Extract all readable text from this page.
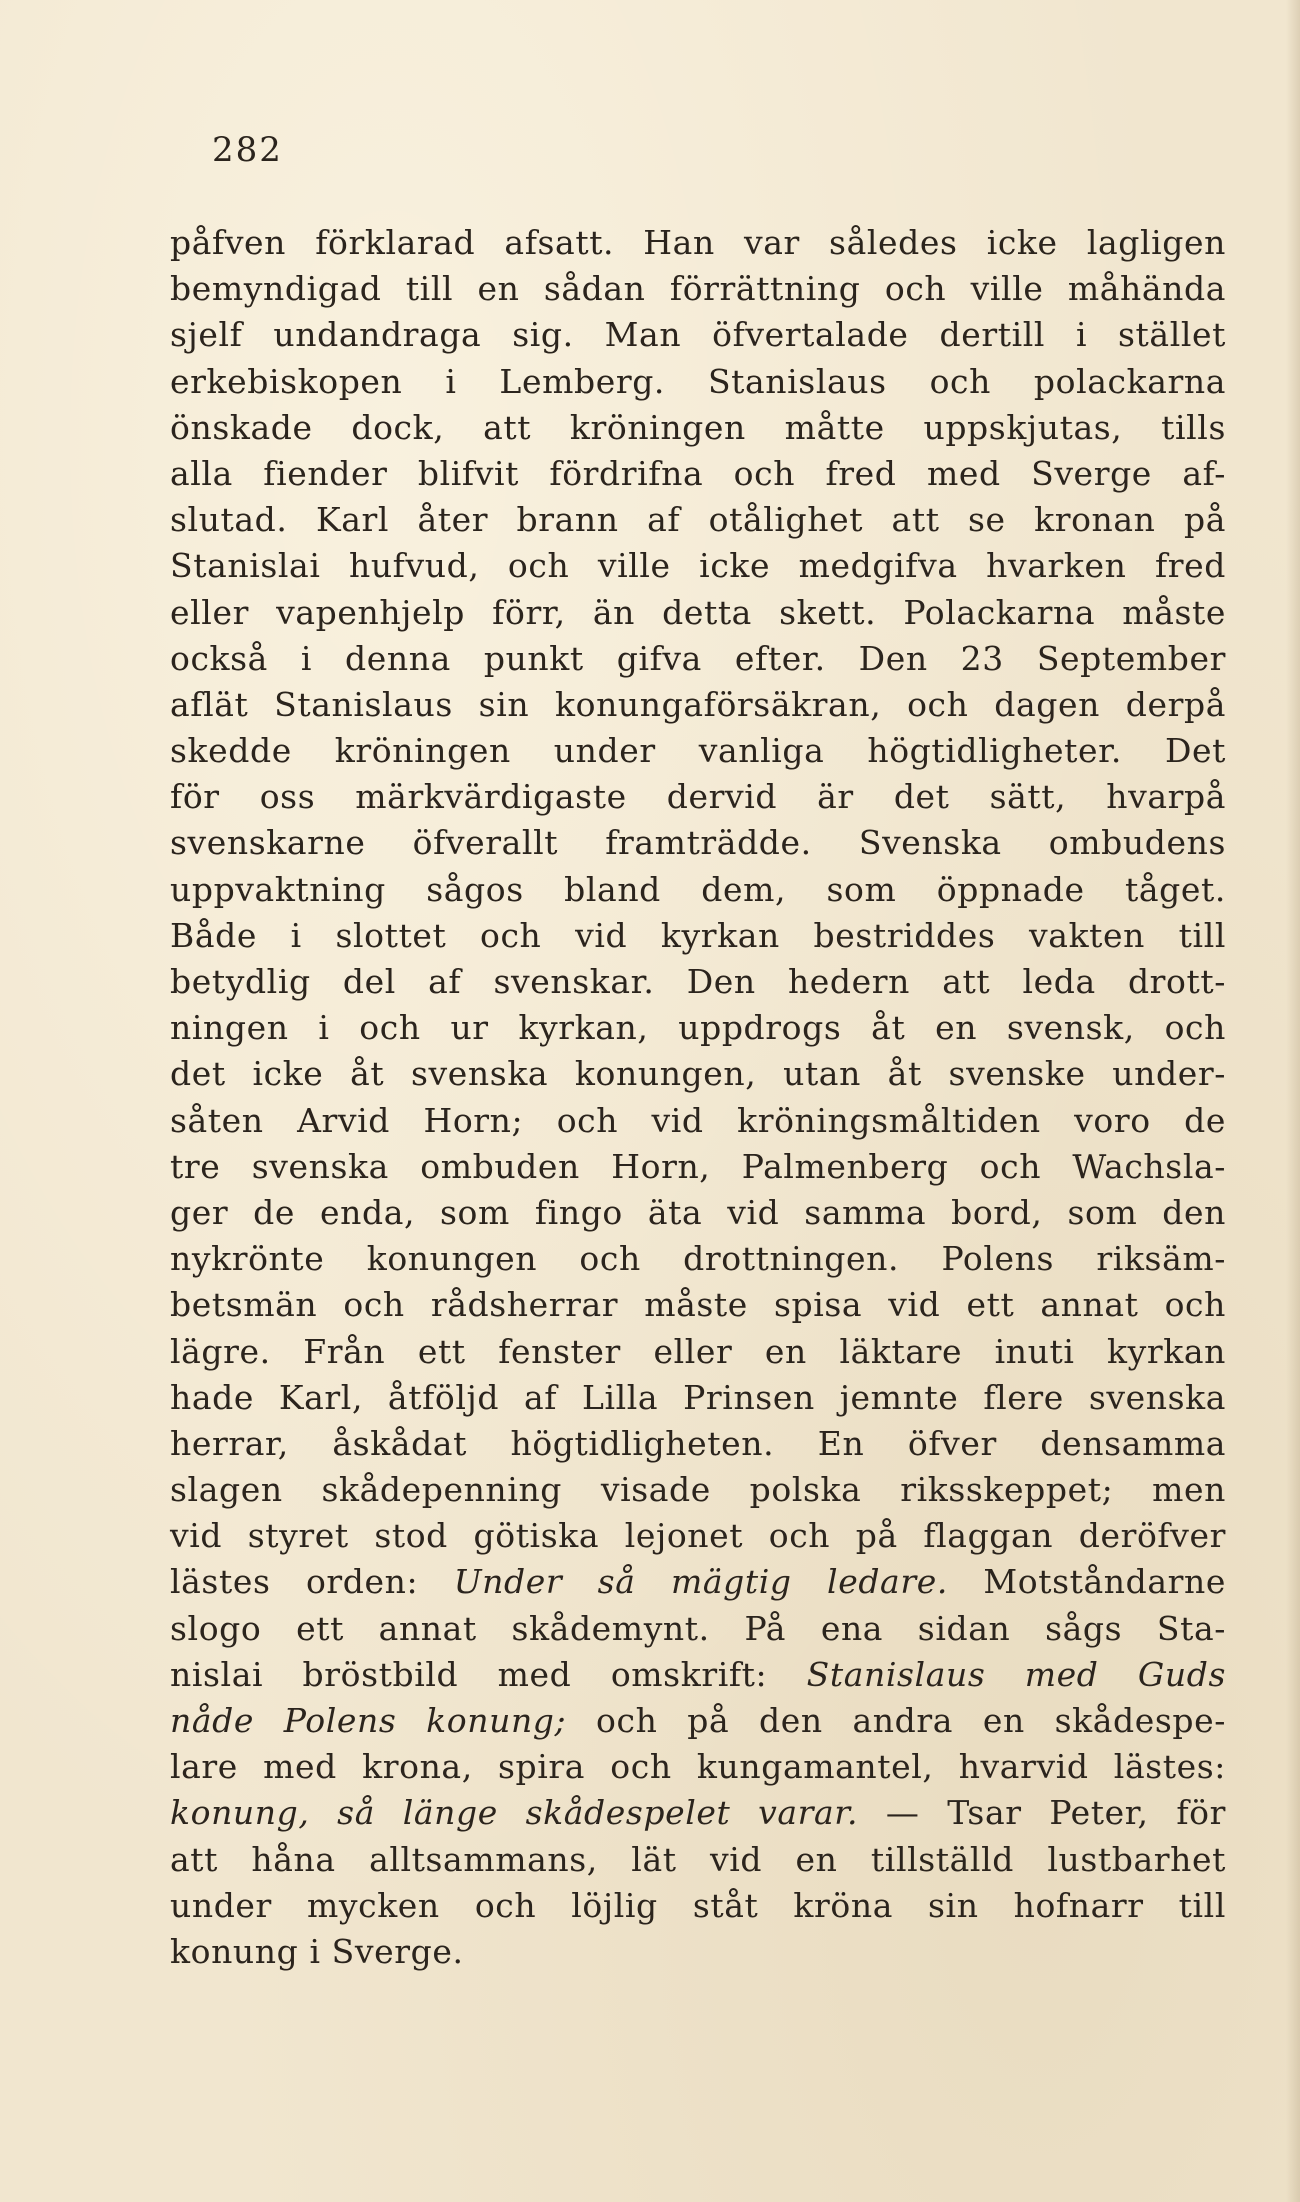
282
påfven förklarad afsatt. Han var således icke lagligen
bemyndigad till en sådan förrättning och ville måhända
sjelf undandraga sig. Man öfvertalade dertill i stället
erkebiskopen i Lemberg. Stanislaus och polackarna
önskade dock, att kröningen måtte uppskjutas, tills
alla fiender blifvit fördrifna och fred med Sverge af-
slutad. Karl åter brann af otålighet att se kronan på
Stanislai hufvud, och ville icke medgifva hvarken fred
eller vapenhjelp förr, än detta skett. Polackarna måste
också i denna punkt gifva efter. Den 23 September
aflät Stanislaus sin konungaförsäkran, och dagen derpå
skedde kröningen under vanliga högtidligheter. Det
för oss märkvärdigaste dervid är det sätt, hvarpå
svenskarne öfverallt framträdde. Svenska ombudens
uppvaktning sågos bland dem, som öppnade tåget.
Både i slottet och vid kyrkan bestriddes vakten till
betydlig del af svenskar. Den hedern att leda drott-
ningen i och ur kyrkan, uppdrogs åt en svensk, och
det icke åt svenska konungen, utan åt svenske under-
såten Arvid Horn; och vid kröningsmåltiden voro de
tre svenska ombuden Horn, Palmenberg och Wachsla-
ger de enda, som fingo äta vid samma bord, som den
nykrönte konungen och drottningen. Polens riksäm-
betsmän och rådsherrar måste spisa vid ett annat och
lägre. Från ett fenster eller en läktare inuti kyrkan
hade Karl, åtföljd af Lilla Prinsen jemnte flere svenska
herrar, åskådat högtidligheten. En öfver densamma
slagen skådepenning visade polska riksskeppet; men
vid styret stod götiska lejonet och på flaggan deröfver
lästes orden: Under så mägtig ledare. Motståndarne
slogo ett annat skådemynt. På ena sidan sågs Sta-
nislai bröstbild med omskrift: Stanislaus med Guds
nåde Polens konung; och på den andra en skådespe-
lare med krona, spira och kungamantel, hvarvid lästes:
konung, så länge skådespelet varar. — Tsar Peter, för
att håna alltsammans, lät vid en tillställd lustbarhet
under mycken och löjlig ståt kröna sin hofnarr till
konung i Sverge.
